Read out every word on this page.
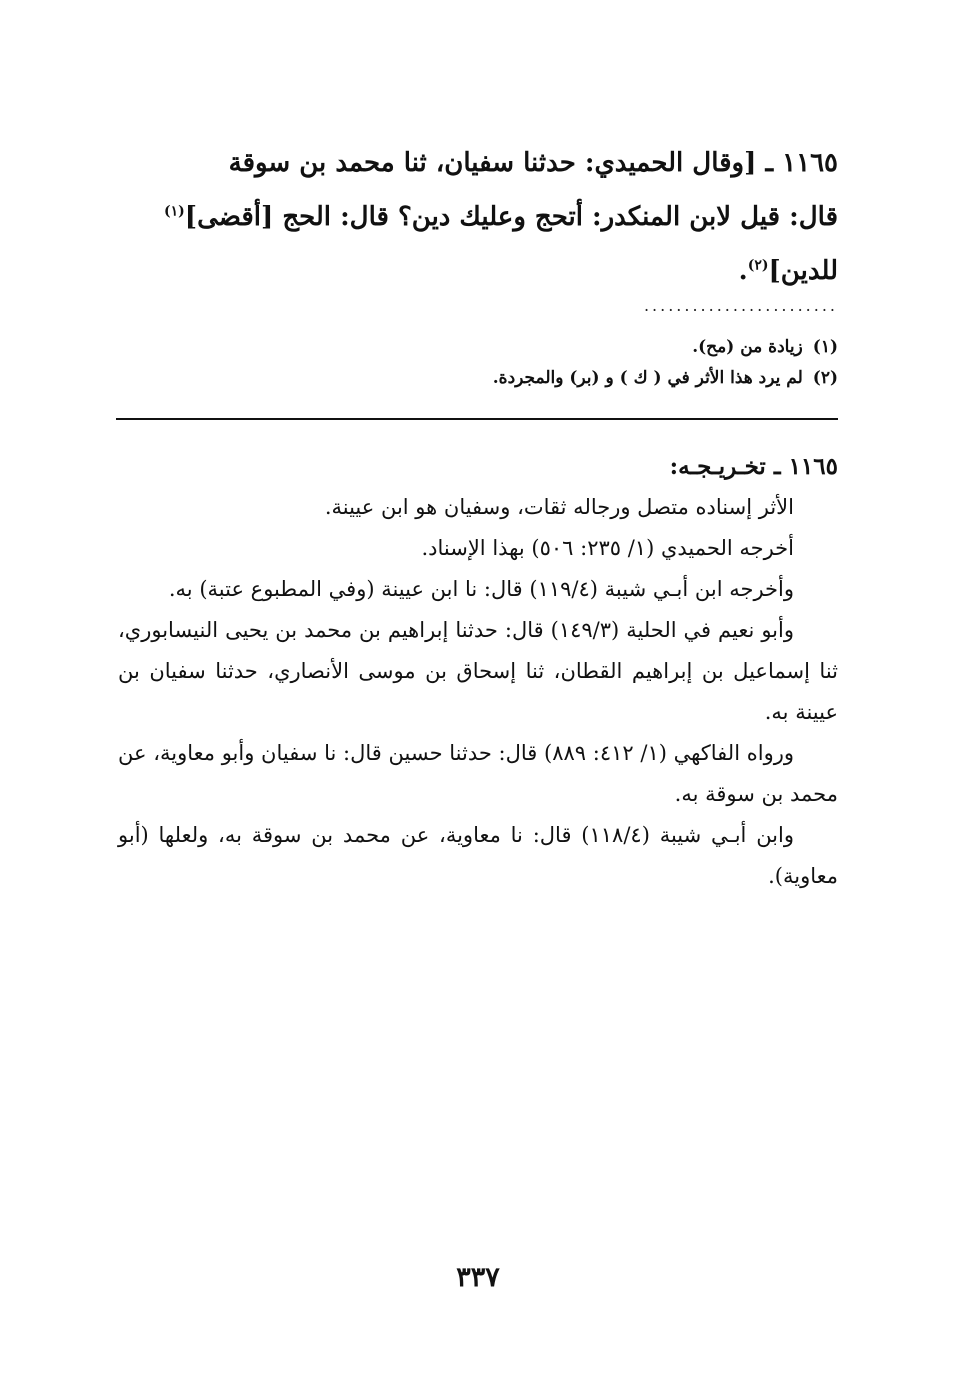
١١٦٥ ـ [وقال الحميدي: حدثنا سفيان، ثنا محمد بن سوقة

قال: قيل لابن المنكدر: أتحج وعليك دين؟ قال: الحج [أقضى]$^{(١)}$

للدين]$^{(٢)}$.

........................

(١)زيادة من (مح).

(٢)لم يرد هذا الأثر في ( ك ) و (بر) والمجردة.

١١٦٥ ـ تخـريـجـه:

الأثر إسناده متصل ورجاله ثقات، وسفيان هو ابن عيينة.

أخرجه الحميدي (١/ ٢٣٥: ٥٠٦) بهذا الإسناد.

وأخرجه ابن أبـي شيبة (١١٩/٤) قال: نا ابن عيينة (وفي المطبوع عتبة) به.

وأبو نعيم في الحلية (١٤٩/٣) قال: حدثنا إبراهيم بن محمد بن يحيى النيسابوري، ثنا إسماعيل بن إبراهيم القطان، ثنا إسحاق بن موسى الأنصاري، حدثنا سفيان بن عيينة به.

ورواه الفاكهي (١/ ٤١٢: ٨٨٩) قال: حدثنا حسين قال: نا سفيان وأبو معاوية، عن محمد بن سوقة به.

وابن أبـي شيبة (١١٨/٤) قال: نا معاوية، عن محمد بن سوقة به، ولعلها (أبو معاوية).

٣٣٧
